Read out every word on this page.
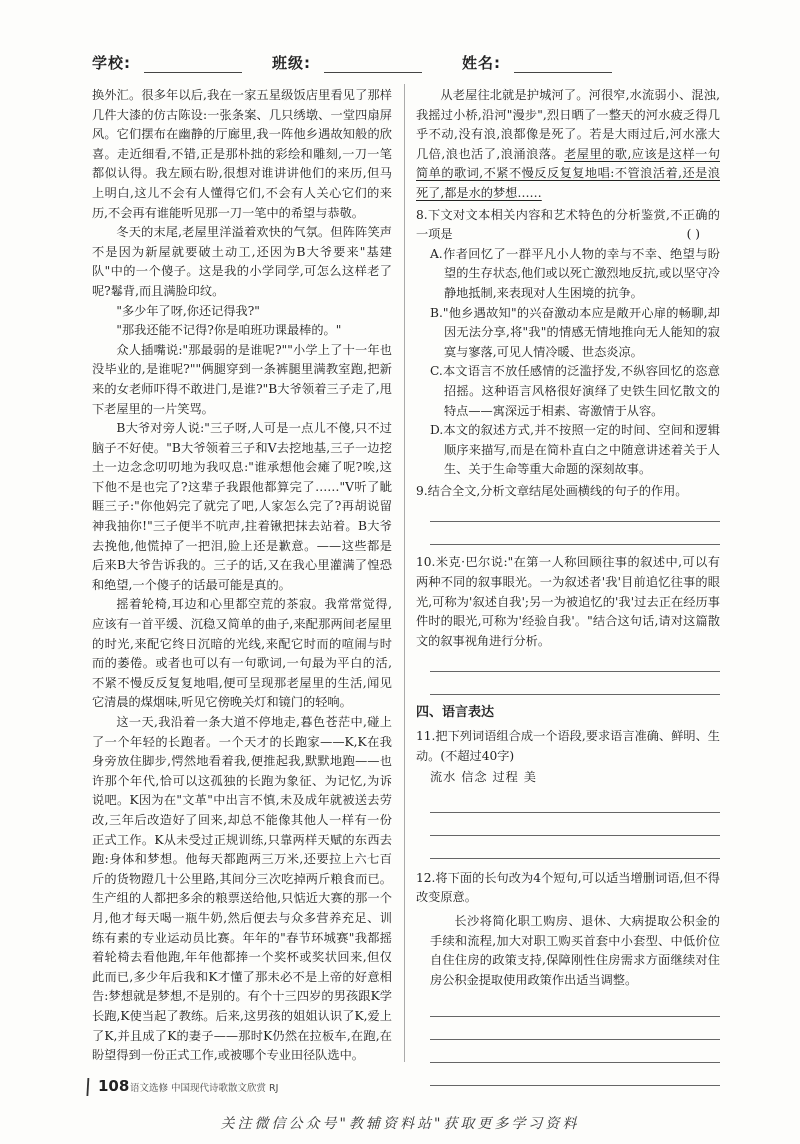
学校:	班级:	姓名:

换外汇。很多年以后,我在一家五星级饭店里看见了那样几件大漆的仿古陈设:一张条案、几只绣墩、一堂四扇屏风。它们摆布在幽静的厅廊里,我一阵他乡遇故知般的欣喜。走近细看,不错,正是那朴拙的彩绘和雕刻,一刀一笔都似认得。我左顾右盼,很想对谁讲讲他们的来历,但马上明白,这儿不会有人懂得它们,不会有人关心它们的来历,不会再有谁能听见那一刀一笔中的希望与恭敬。

冬天的末尾,老屋里洋溢着欢快的气氛。但阵阵笑声不是因为新屋就要破土动工,还因为B大爷要来"基建队"中的一个傻子。这是我的小学同学,可怎么这样老了呢?鬈背,而且满脸印纹。

"多少年了呀,你还记得我?"

"那我还能不记得?你是咱班功课最棒的。"

众人插嘴说:"那最弱的是谁呢?""小学上了十一年也没毕业的,是谁呢?""俩腿穿到一条裤腿里满教室跑,把新来的女老师吓得不敢进门,是谁?"B大爷领着三子走了,甩下老屋里的一片笑骂。

B大爷对旁人说:"三子呀,人可是一点儿不傻,只不过脑子不好使。"B大爷领着三子和V去挖地基,三子一边挖土一边念念叨叨地为我叹息:"谁承想他会瘫了呢?唉,这下他不是也完了?这辈子我跟他都算完了……"V听了眦睚三子:"你他妈完了就完了吧,人家怎么完了?再胡说留神我抽你!"三子便半不吭声,拄着锹把抹去站着。B大爷去挽他,他慌掉了一把泪,脸上还是歉意。——这些都是后来B大爷告诉我的。三子的话,又在我心里灌满了惶恐和绝望,一个傻子的话最可能是真的。

摇着轮椅,耳边和心里都空荒的茶寂。我常常觉得,应该有一首平缓、沉稳又简单的曲子,来配那两间老屋里的时光,来配它终日沉暗的光线,来配它时而的喧闹与时而的萎倦。或者也可以有一句歌词,一句最为平白的活,不紧不慢反反复复地唱,便可呈现那老屋里的生活,闻见它清晨的煤烟味,听见它傍晚关灯和镜门的轻响。

这一天,我沿着一条大道不停地走,暮色苍茫中,碰上了一个年轻的长跑者。一个天才的长跑家——K,K在我身旁放住脚步,愕然地看着我,便推起我,默默地跑——也许那个年代,恰可以这孤独的长跑为象征、为记忆,为诉说吧。K因为在"文革"中出言不慎,未及成年就被送去劳改,三年后改造好了回来,却总不能像其他人一样有一份正式工作。K从未受过正规训练,只靠两样天赋的东西去跑:身体和梦想。他每天都跑两三万米,还要拉上六七百斤的货物蹬几十公里路,其间分三次吃掉两斤粮食而已。生产组的人都把多余的粮票送给他,只惦近大赛的那一个月,他才每天喝一瓶牛奶,然后便去与众多营养充足、训练有素的专业运动员比赛。年年的"春节环城赛"我都摇着轮椅去看他跑,年年他都捧一个奖杯或奖状回来,但仅此而已,多少年后我和K才懂了那未必不是上帝的好意相告:梦想就是梦想,不是别的。有个十三四岁的男孩跟K学长跑,K使当起了教练。后来,这男孩的姐姐认识了K,爱上了K,并且成了K的妻子——那时K仍然在拉板车,在跑,在盼望得到一份正式工作,或被哪个专业田径队选中。

从老屋往北就是护城河了。河很窄,水流弱小、混浊,我摇过小桥,沿河"漫步",烈日晒了一整天的河水疲乏得几乎不动,没有浪,浪都像是死了。若是大雨过后,河水涨大几倍,浪也活了,浪涌浪落。老屋里的歌,应该是这样一句简单的歌词,不紧不慢反反复复地唱:不管浪活着,还是浪死了,都是水的梦想……

8.下文对文本相关内容和艺术特色的分析鉴赏,不正确的一项是	( )
A.作者回忆了一群平凡小人物的幸与不幸、绝望与盼望的生存状态,他们或以死亡激烈地反抗,或以坚守冷静地抵制,来表现对人生困境的抗争。
B."他乡遇故知"的兴奋激动本应是敞开心扉的畅聊,却因无法分享,将"我"的情感无情地推向无人能知的寂寞与寥落,可见人情冷暖、世态炎凉。
C.本文语言不放任感情的泛滥抒发,不纵容回忆的恣意招摇。这种语言风格很好演绎了史铁生回忆散文的特点——寓深远于相素、寄激情于从容。
D.本文的叙述方式,并不按照一定的时间、空间和逻辑顺序来描写,而是在简朴直白之中随意讲述着关于人生、关于生命等重大命题的深刻故事。
9.结合全文,分析文章结尾处画横线的句子的作用。
10.米克·巴尔说:"在第一人称回顾往事的叙述中,可以有两种不同的叙事眼光。一为叙述者'我'目前追忆往事的眼光,可称为'叙述自我';另一为被追忆的'我'过去正在经历事件时的眼光,可称为'经验自我'。"结合这句话,请对这篇散文的叙事视角进行分析。
四、语言表达
11.把下列词语组合成一个语段,要求语言准确、鲜明、生动。(不超过40字)
流水 信念 过程 美
12.将下面的长句改为4个短句,可以适当增删词语,但不得改变原意。
长沙将简化职工购房、退休、大病提取公积金的手续和流程,加大对职工购买首套中小套型、中低价位自住住房的政策支持,保障刚性住房需求方面继续对住房公积金提取使用政策作出适当调整。
\ 108 语文选修 中国现代诗歌散文欣赏 RJ
关注微信公众号"教辅资料站"获取更多学习资料
